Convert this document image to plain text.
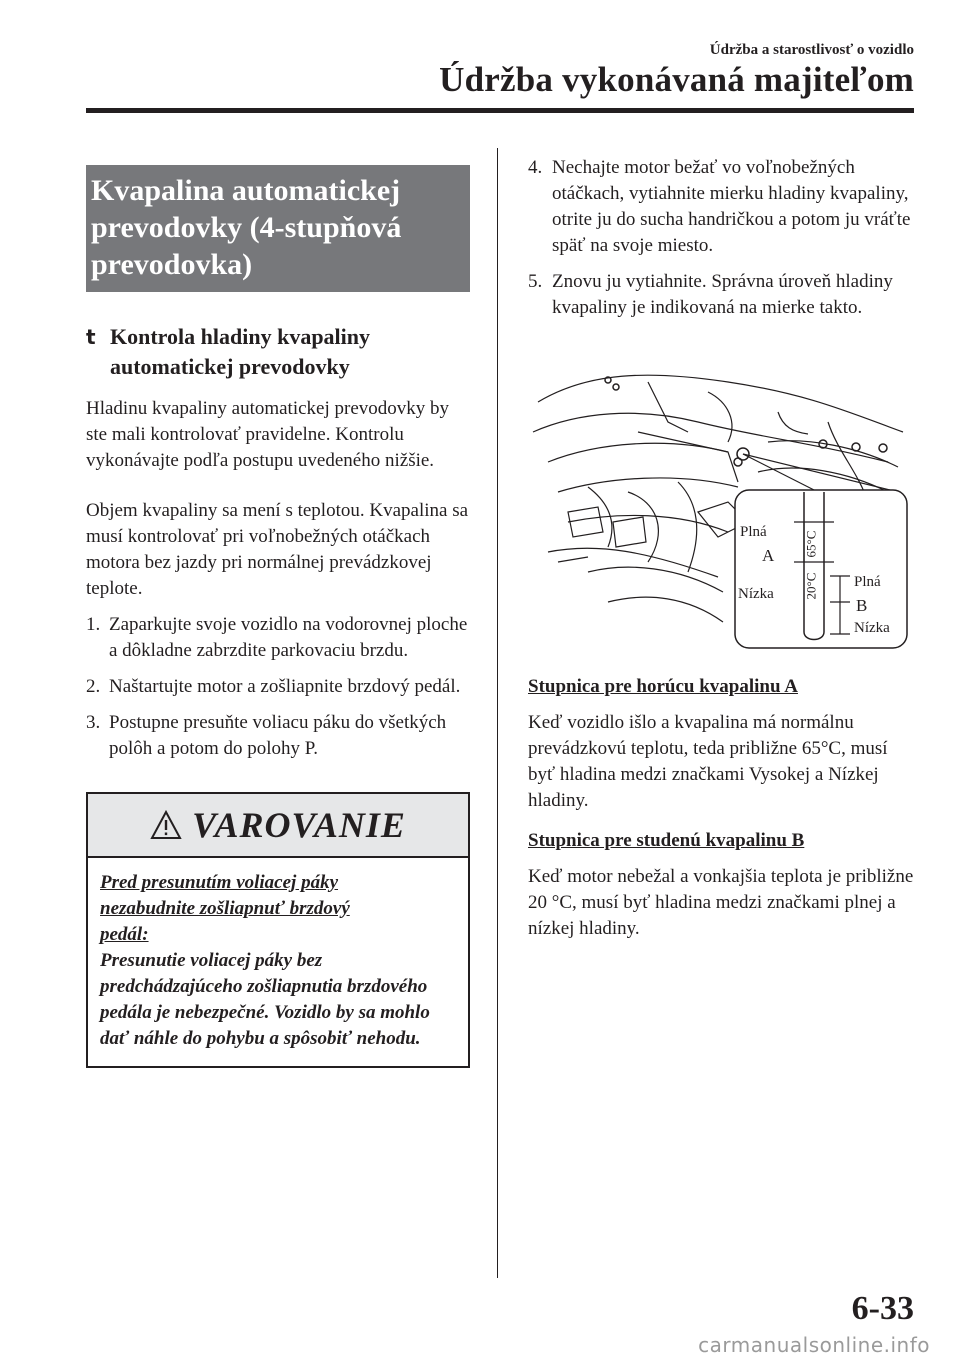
Údržba a starostlivosť o vozidlo
Údržba vykonávaná majiteľom
Kvapalina automatickej
prevodovky (4-stupňová
prevodovka)
t Kontrola hladiny kvapaliny
automatickej prevodovky
Hladinu kvapaliny automatickej prevodovky by ste mali kontrolovať pravidelne. Kontrolu vykonávajte podľa postupu uvedeného nižšie.
Objem kvapaliny sa mení s teplotou. Kvapalina sa musí kontrolovať pri voľnobežných otáčkach motora bez jazdy pri normálnej prevádzkovej teplote.
1. Zaparkujte svoje vozidlo na vodorovnej ploche a dôkladne zabrzdite parkovaciu brzdu.
2. Naštartujte motor a zošliapnite brzdový pedál.
3. Postupne presuňte voliacu páku do všetkých polôh a potom do polohy P.
VAROVANIE
Pred presunutím voliacej páky
nezabudnite zošliapnuť brzdový
pedál:
Presunutie voliacej páky bez predchádzajúceho zošliapnutia brzdového pedála je nebezpečné. Vozidlo by sa mohlo dať náhle do pohybu a spôsobiť nehodu.
4. Nechajte motor bežať vo voľnobežných otáčkach, vytiahnite mierku hladiny kvapaliny, otrite ju do sucha handričkou a potom ju vráťte späť na svoje miesto.
5. Znovu ju vytiahnite. Správna úroveň hladiny kvapaliny je indikovaná na mierke takto.
Plná
A
Nízka
65°C
20°C Plná
B
Nízka
Stupnica pre horúcu kvapalinu A
Keď vozidlo išlo a kvapalina má normálnu prevádzkovú teplotu, teda približne 65°C, musí byť hladina medzi značkami Vysokej a Nízkej hladiny.
Stupnica pre studenú kvapalinu B
Keď motor nebežal a vonkajšia teplota je približne 20 °C, musí byť hladina medzi značkami plnej a nízkej hladiny.
6-33
carmanualsonline.info
